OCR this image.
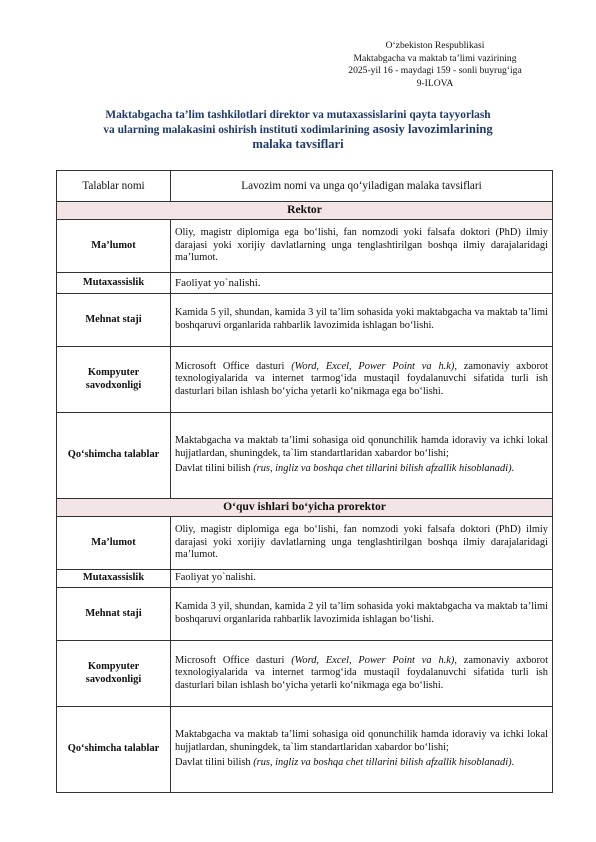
O‘zbekiston Respublikasi
Maktabgacha va maktab ta’limi vazirining
2025-yil 16 - maydagi 159 - sonli buyrug‘iga
9-ILOVA
Maktabgacha ta’lim tashkilotlari direktor va mutaxassislarini qayta tayyorlash
va ularning malakasini oshirish instituti xodimlarining asosiy lavozimlarining
malaka tavsiflari
Talablar nomi	Lavozim nomi va unga qo‘yiladigan malaka tavsiflari
Rektor	
Ma’lumot	Oliy, magistr diplomiga ega bo‘lishi, fan nomzodi yoki falsafa doktori (PhD) ilmiy darajasi yoki xorijiy davlatlarning unga tenglashtirilgan boshqa ilmiy darajalaridagi ma’lumot.
Mutaxassislik	Faoliyat yo`nalishi.
Mehnat staji	Kamida 5 yil, shundan, kamida 3 yil ta’lim sohasida yoki maktabgacha va maktab ta’limi boshqaruvi organlarida rahbarlik lavozimida ishlagan bo‘lishi.
Kompyuter savodxonligi	Microsoft Office dasturi (Word, Excel, Power Point va h.k), zamonaviy axborot texnologiyalarida va internet tarmog‘ida mustaqil foydalanuvchi sifatida turli ish dasturlari bilan ishlash bo‘yicha yetarli ko‘nikmaga ega bo‘lishi.
Qo‘shimcha talablar	Maktabgacha va maktab ta’limi sohasiga oid qonunchilik hamda idoraviy va ichki lokal hujjatlardan, shuningdek, ta`lim standartlaridan xabardor bo‘lishi;

Davlat tilini bilish (rus, ingliz va boshqa chet tillarini bilish afzallik hisoblanadi).

O‘quv ishlari bo‘yicha prorektor	
Ma’lumot	Oliy, magistr diplomiga ega bo‘lishi, fan nomzodi yoki falsafa doktori (PhD) ilmiy darajasi yoki xorijiy davlatlarning unga tenglashtirilgan boshqa ilmiy darajalaridagi ma’lumot.
Mutaxassislik	Faoliyat yo`nalishi.
Mehnat staji	Kamida 3 yil, shundan, kamida 2 yil ta’lim sohasida yoki maktabgacha va maktab ta’limi boshqaruvi organlarida rahbarlik lavozimida ishlagan bo‘lishi.
Kompyuter savodxonligi	Microsoft Office dasturi (Word, Excel, Power Point va h.k), zamonaviy axborot texnologiyalarida va internet tarmog‘ida mustaqil foydalanuvchi sifatida turli ish dasturlari bilan ishlash bo‘yicha yetarli ko‘nikmaga ega bo‘lishi.
Qo‘shimcha talablar	Maktabgacha va maktab ta’limi sohasiga oid qonunchilik hamda idoraviy va ichki lokal hujjatlardan, shuningdek, ta`lim standartlaridan xabardor bo‘lishi;

Davlat tilini bilish (rus, ingliz va boshqa chet tillarini bilish afzallik hisoblanadi).
